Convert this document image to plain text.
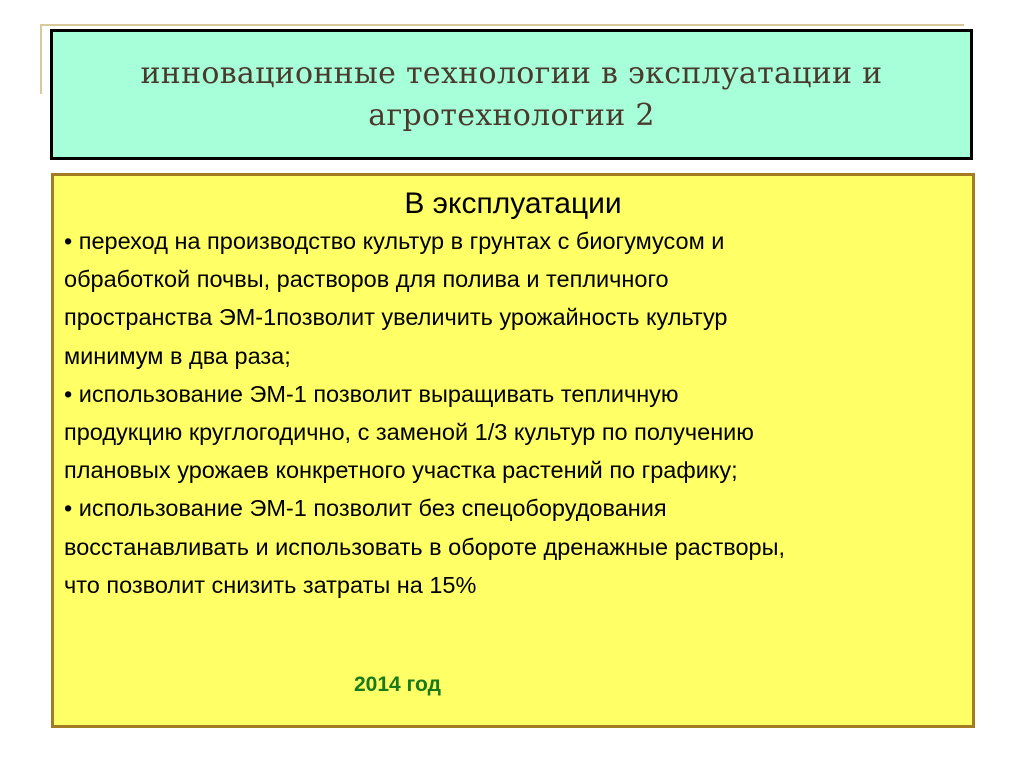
инновационные технологии в эксплуатации и агротехнологии 2
В эксплуатации
• переход на производство культур в грунтах с биогумусом и
обработкой почвы, растворов для полива и тепличного
пространства ЭМ-1позволит увеличить урожайность культур
минимум в два раза;
• использование ЭМ-1 позволит выращивать тепличную
продукцию круглогодично, с заменой 1/3 культур по получению
плановых урожаев конкретного участка растений по графику;
• использование ЭМ-1 позволит без спецоборудования
восстанавливать и использовать в обороте дренажные растворы,
что позволит снизить затраты на 15%
2014 год
